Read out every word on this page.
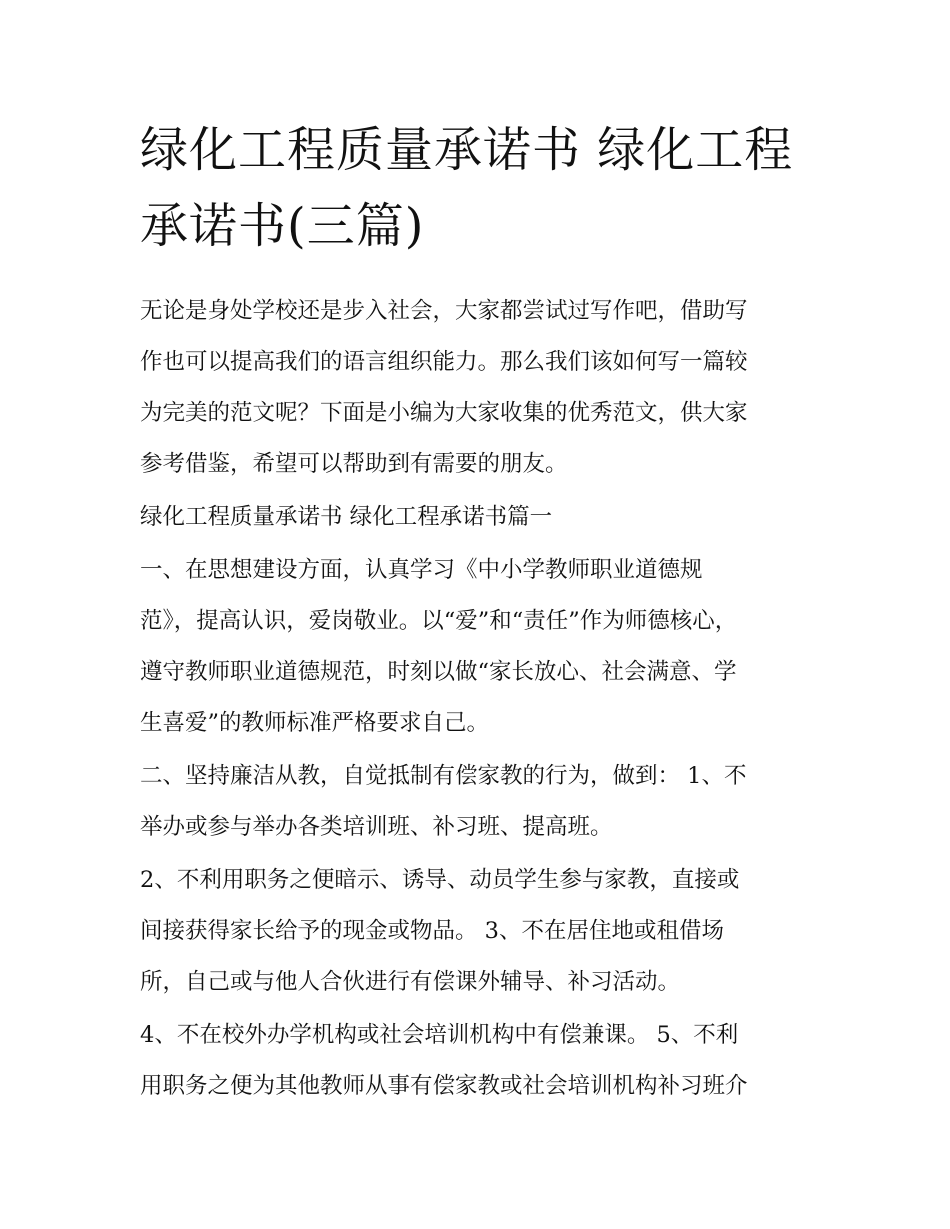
绿化工程质量承诺书 绿化工程
承诺书(三篇)

无论是身处学校还是步入社会，大家都尝试过写作吧，借助写
作也可以提高我们的语言组织能力。那么我们该如何写一篇较
为完美的范文呢？下面是小编为大家收集的优秀范文，供大家
参考借鉴，希望可以帮助到有需要的朋友。

绿化工程质量承诺书 绿化工程承诺书篇一

一、在思想建设方面，认真学习《中小学教师职业道德规
范》，提高认识，爱岗敬业。以“爱”和“责任”作为师德核心，
遵守教师职业道德规范，时刻以做“家长放心、社会满意、学
生喜爱”的教师标准严格要求自己。

二、坚持廉洁从教，自觉抵制有偿家教的行为，做到： 1、不
举办或参与举办各类培训班、补习班、提高班。

2、不利用职务之便暗示、诱导、动员学生参与家教，直接或
间接获得家长给予的现金或物品。 3、不在居住地或租借场
所，自己或与他人合伙进行有偿课外辅导、补习活动。

4、不在校外办学机构或社会培训机构中有偿兼课。 5、不利
用职务之便为其他教师从事有偿家教或社会培训机构补习班介
